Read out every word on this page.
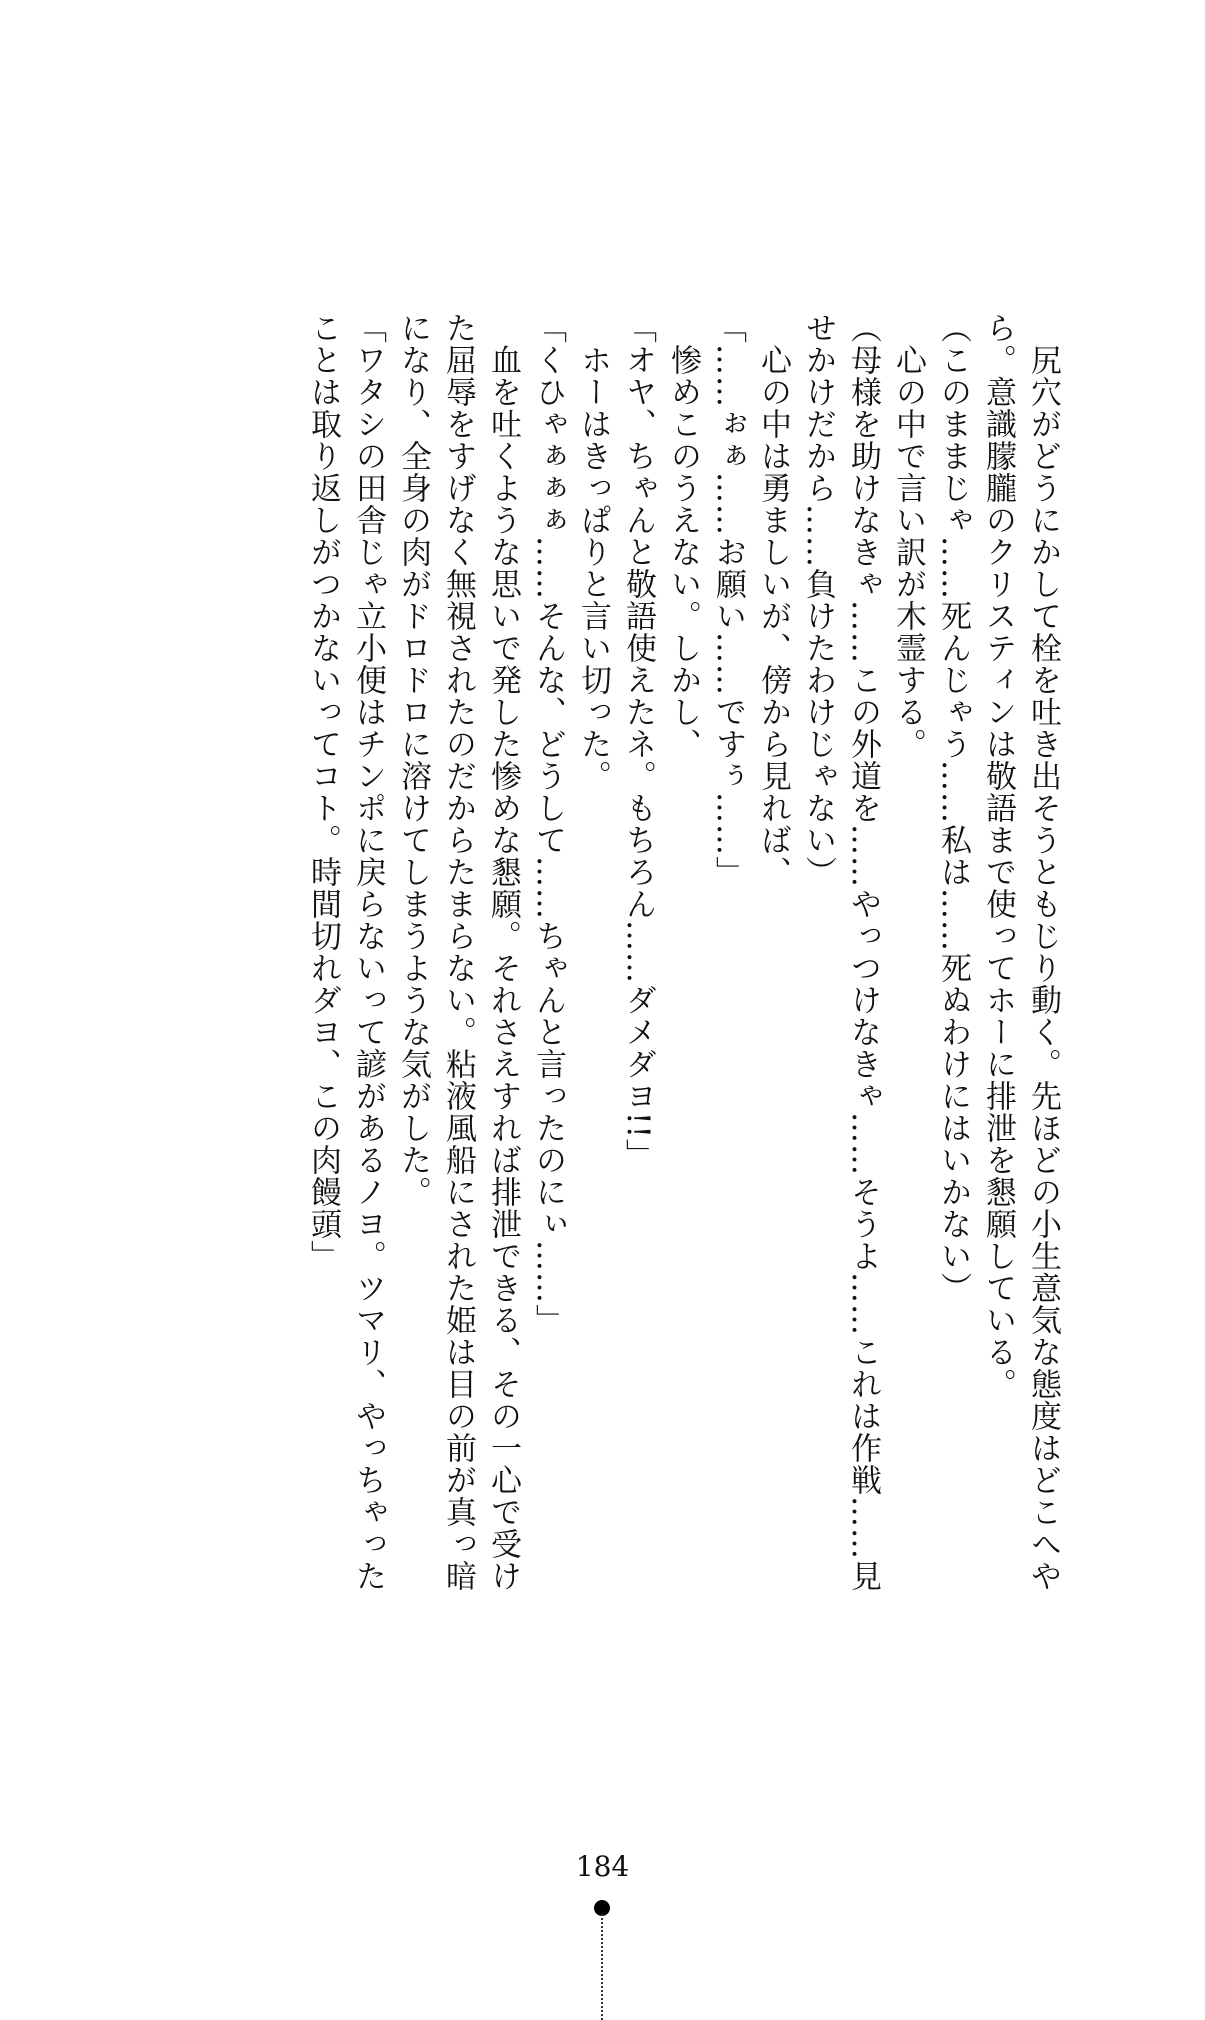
　尻穴がどうにかして栓を吐き出そうともじり動く。先ほどの小生意気な態度はどこへや

ら。意識朦朧のクリスティンは敬語まで使ってホーに排泄を懇願している。

（このままじゃ……死んじゃう……私は……死ぬわけにはいかない）

　心の中で言い訳が木霊する。

（母様を助けなきゃ……この外道を……やっつけなきゃ……そうよ……これは作戦……見

せかけだから……負けたわけじゃない）

　心の中は勇ましいが、傍から見れば、

「……ぉぁ……お願い……ですぅ……」

　惨めこのうえない。しかし、

「オヤ、ちゃんと敬語使えたネ。もちろん……ダメダヨ!!」

　ホーはきっぱりと言い切った。

「くひゃぁぁぁ……そんな、どうして……ちゃんと言ったのにぃ……」

　血を吐くような思いで発した惨めな懇願。それさえすれば排泄できる、その一心で受け

た屈辱をすげなく無視されたのだからたまらない。粘液風船にされた姫は目の前が真っ暗

になり、全身の肉がドロドロに溶けてしまうような気がした。

「ワタシの田舎じゃ立小便はチンポに戻らないって諺があるノヨ。ツマリ、やっちゃった

ことは取り返しがつかないってコト。時間切れダヨ、この肉饅頭」

184
